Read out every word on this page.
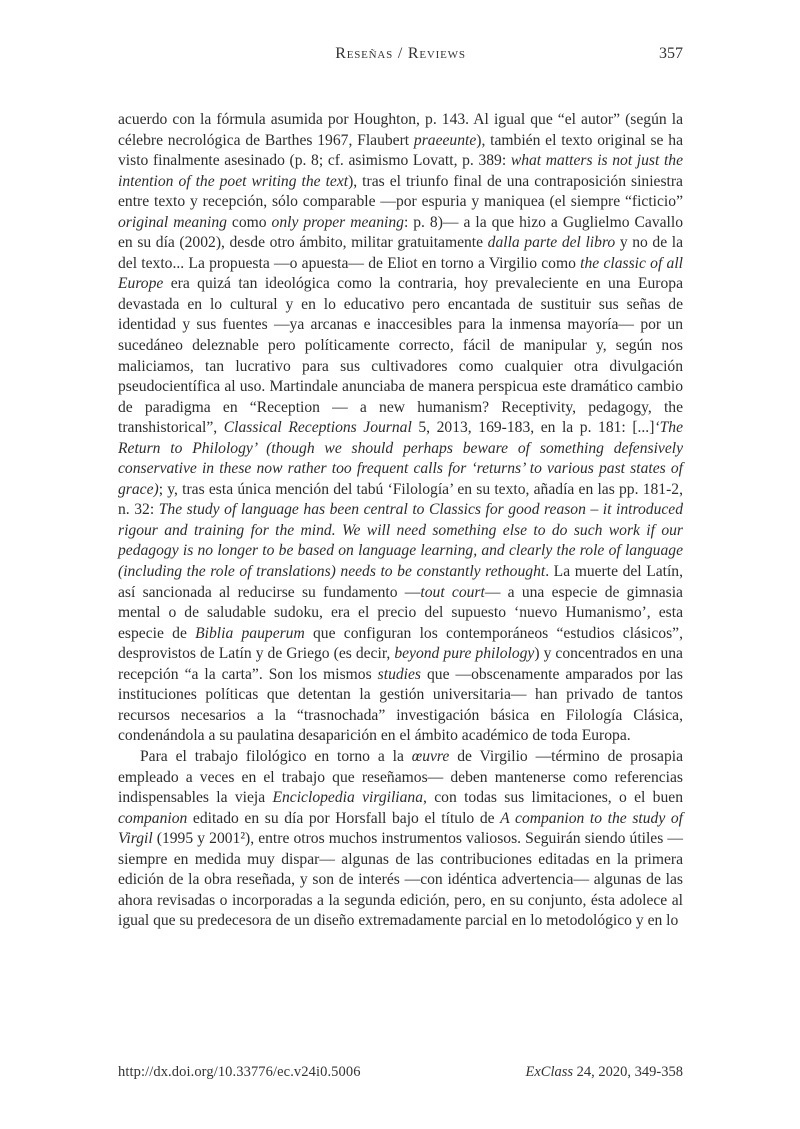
Reseñas / Reviews	357

acuerdo con la fórmula asumida por Houghton, p. 143. Al igual que “el autor” (según la célebre necrológica de Barthes 1967, Flaubert praeeunte), también el texto original se ha visto finalmente asesinado (p. 8; cf. asimismo Lovatt, p. 389: what matters is not just the intention of the poet writing the text), tras el triunfo final de una contraposición siniestra entre texto y recepción, sólo comparable —por espuria y maniquea (el siempre “ficticio” original meaning como only proper meaning: p. 8)— a la que hizo a Guglielmo Cavallo en su día (2002), desde otro ámbito, militar gratuitamente dalla parte del libro y no de la del texto... La propuesta —o apuesta— de Eliot en torno a Virgilio como the classic of all Europe era quizá tan ideológica como la contraria, hoy prevaleciente en una Europa devastada en lo cultural y en lo educativo pero encantada de sustituir sus señas de identidad y sus fuentes —ya arcanas e inaccesibles para la inmensa mayoría— por un sucedáneo deleznable pero políticamente correcto, fácil de manipular y, según nos maliciamos, tan lucrativo para sus cultivadores como cualquier otra divulgación pseudocientífica al uso. Martindale anunciaba de manera perspicua este dramático cambio de paradigma en “Reception — a new humanism? Receptivity, pedagogy, the transhistorical”, Classical Receptions Journal 5, 2013, 169-183, en la p. 181: [...]‘The Return to Philology’ (though we should perhaps beware of something defensively conservative in these now rather too frequent calls for ‘returns’ to various past states of grace); y, tras esta única mención del tabú ‘Filología’ en su texto, añadía en las pp. 181-2, n. 32: The study of language has been central to Classics for good reason – it introduced rigour and training for the mind. We will need something else to do such work if our pedagogy is no longer to be based on language learning, and clearly the role of language (including the role of translations) needs to be constantly rethought. La muerte del Latín, así sancionada al reducirse su fundamento —tout court— a una especie de gimnasia mental o de saludable sudoku, era el precio del supuesto ‘nuevo Humanismo’, esta especie de Biblia pauperum que configuran los contemporáneos “estudios clásicos”, desprovistos de Latín y de Griego (es decir, beyond pure philology) y concentrados en una recepción “a la carta”. Son los mismos studies que —obscenamente amparados por las instituciones políticas que detentan la gestión universitaria— han privado de tantos recursos necesarios a la “trasnochada” investigación básica en Filología Clásica, condenándola a su paulatina desaparición en el ámbito académico de toda Europa.

Para el trabajo filológico en torno a la œuvre de Virgilio —término de prosapia empleado a veces en el trabajo que reseñamos— deben mantenerse como referencias indispensables la vieja Enciclopedia virgiliana, con todas sus limitaciones, o el buen companion editado en su día por Horsfall bajo el título de A companion to the study of Virgil (1995 y 2001²), entre otros muchos instrumentos valiosos. Seguirán siendo útiles —siempre en medida muy dispar— algunas de las contribuciones editadas en la primera edición de la obra reseñada, y son de interés —con idéntica advertencia— algunas de las ahora revisadas o incorporadas a la segunda edición, pero, en su conjunto, ésta adolece al igual que su predecesora de un diseño extremadamente parcial en lo metodológico y en lo

http://dx.doi.org/10.33776/ec.v24i0.5006	ExClass 24, 2020, 349-358
